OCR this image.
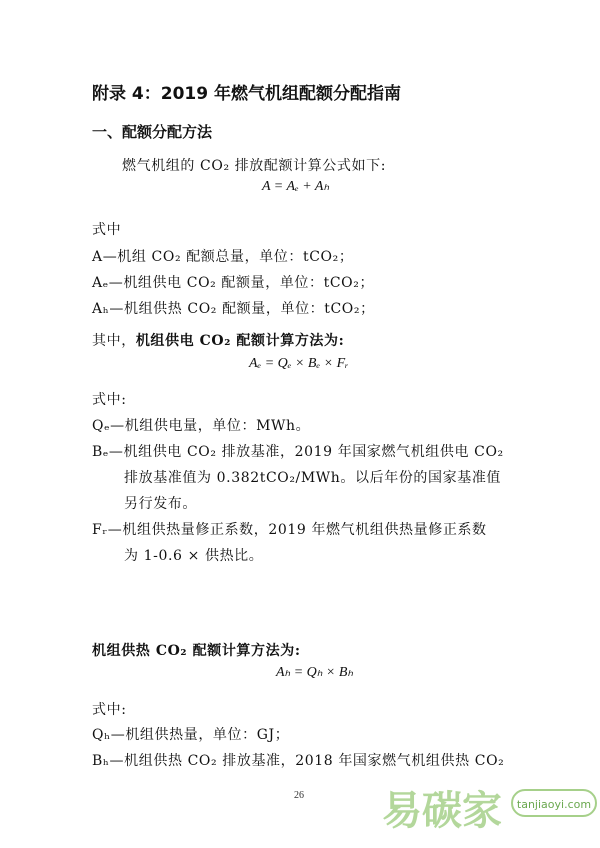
附录 4：2019 年燃气机组配额分配指南
一、配额分配方法
燃气机组的 CO₂ 排放配额计算公式如下:
A = Aₑ + Aₕ
式中
A—机组 CO₂ 配额总量，单位：tCO₂；
Aₑ—机组供电 CO₂ 配额量，单位：tCO₂；
Aₕ—机组供热 CO₂ 配额量，单位：tCO₂；
其中，机组供电 CO₂ 配额计算方法为:
Aₑ = Qₑ × Bₑ × Fᵣ
式中:
Qₑ—机组供电量，单位：MWh。
Bₑ—机组供电 CO₂ 排放基准，2019 年国家燃气机组供电 CO₂
排放基准值为 0.382tCO₂/MWh。以后年份的国家基准值
另行发布。
Fᵣ—机组供热量修正系数，2019 年燃气机组供热量修正系数
为 1-0.6 × 供热比。
机组供热 CO₂ 配额计算方法为:
Aₕ = Qₕ × Bₕ
式中:
Qₕ—机组供热量，单位：GJ；
Bₕ—机组供热 CO₂ 排放基准，2018 年国家燃气机组供热 CO₂
26 易碳家 tanjiaoyi.com
